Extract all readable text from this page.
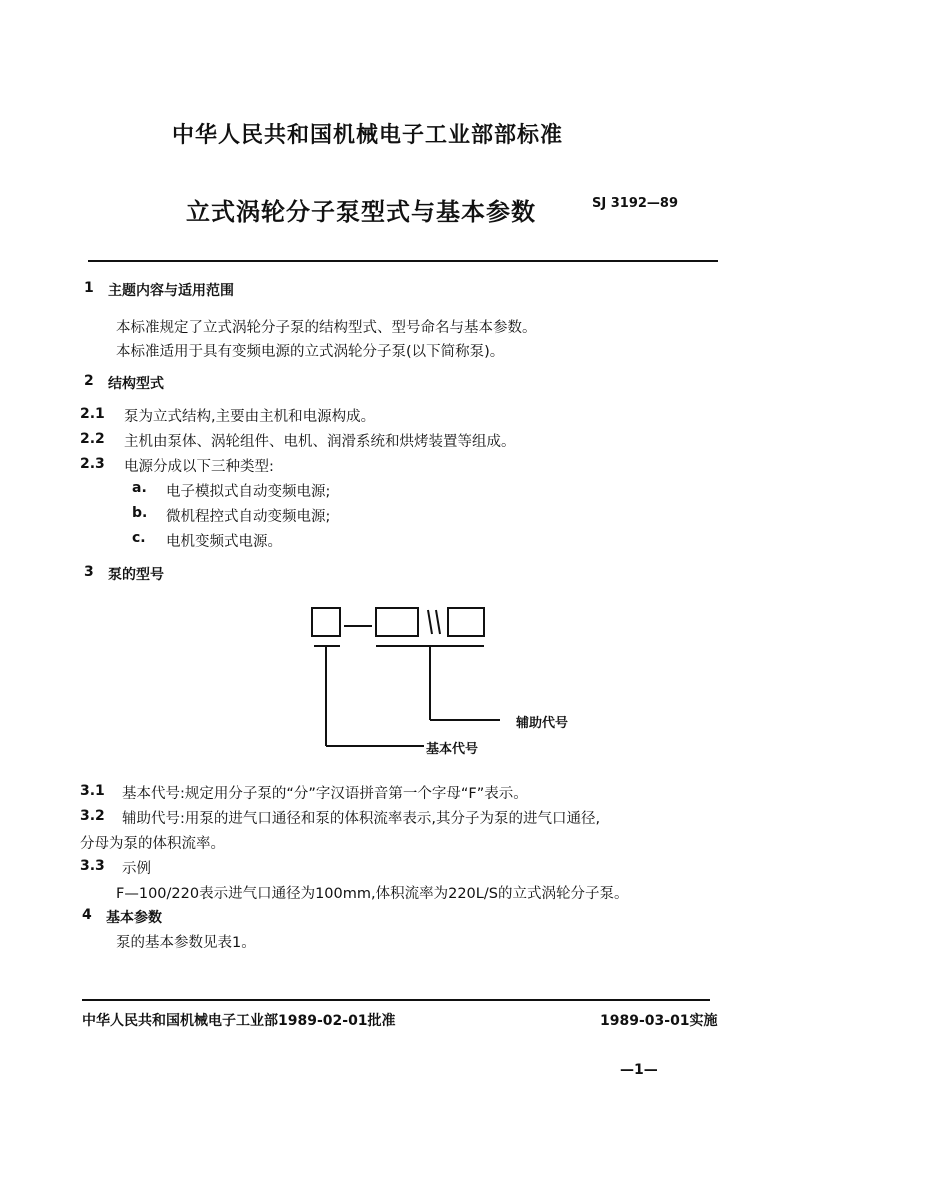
中华人民共和国机械电子工业部部标准
立式涡轮分子泵型式与基本参数	SJ 3192—89
1 主题内容与适用范围
本标准规定了立式涡轮分子泵的结构型式、型号命名与基本参数。
本标准适用于具有变频电源的立式涡轮分子泵(以下简称泵)。
2 结构型式
2.1 泵为立式结构,主要由主机和电源构成。
2.2 主机由泵体、涡轮组件、电机、润滑系统和烘烤装置等组成。
2.3 电源分成以下三种类型:
a. 电子模拟式自动变频电源;
b. 微机程控式自动变频电源;
c. 电机变频式电源。
3 泵的型号
辅助代号
基本代号
3.1 基本代号:规定用分子泵的“分”字汉语拼音第一个字母“F”表示。
3.2 辅助代号:用泵的进气口通径和泵的体积流率表示,其分子为泵的进气口通径,
分母为泵的体积流率。
3.3 示例
F—100/220表示进气口通径为100mm,体积流率为220L/S的立式涡轮分子泵。
4 基本参数
泵的基本参数见表1。
中华人民共和国机械电子工业部1989-02-01批准	1989-03-01实施
—1—
